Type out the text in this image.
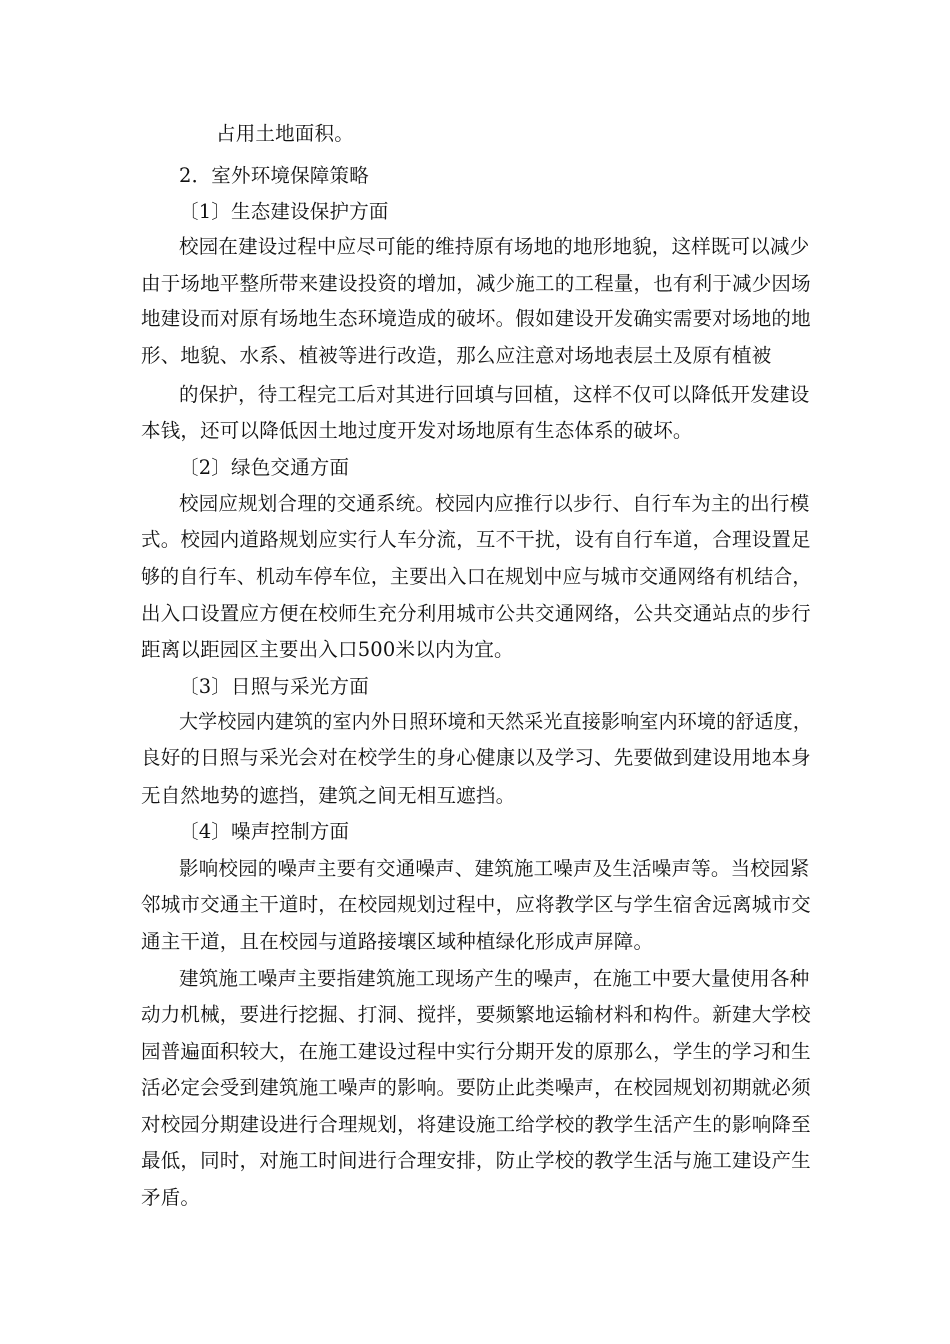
占用土地面积。
2．室外环境保障策略
〔1〕生态建设保护方面
校园在建设过程中应尽可能的维持原有场地的地形地貌，这样既可以减少
由于场地平整所带来建设投资的增加，减少施工的工程量，也有利于减少因场
地建设而对原有场地生态环境造成的破坏。假如建设开发确实需要对场地的地
形、地貌、水系、植被等进行改造，那么应注意对场地表层土及原有植被
的保护，待工程完工后对其进行回填与回植，这样不仅可以降低开发建设
本钱，还可以降低因土地过度开发对场地原有生态体系的破坏。
〔2〕绿色交通方面
校园应规划合理的交通系统。校园内应推行以步行、自行车为主的出行模
式。校园内道路规划应实行人车分流，互不干扰，设有自行车道，合理设置足
够的自行车、机动车停车位，主要出入口在规划中应与城市交通网络有机结合，
出入口设置应方便在校师生充分利用城市公共交通网络，公共交通站点的步行
距离以距园区主要出入口500米以内为宜。
〔3〕日照与采光方面
大学校园内建筑的室内外日照环境和天然采光直接影响室内环境的舒适度，
良好的日照与采光会对在校学生的身心健康以及学习、先要做到建设用地本身
无自然地势的遮挡，建筑之间无相互遮挡。
〔4〕噪声控制方面
影响校园的噪声主要有交通噪声、建筑施工噪声及生活噪声等。当校园紧
邻城市交通主干道时，在校园规划过程中，应将教学区与学生宿舍远离城市交
通主干道，且在校园与道路接壤区域种植绿化形成声屏障。
建筑施工噪声主要指建筑施工现场产生的噪声，在施工中要大量使用各种
动力机械，要进行挖掘、打洞、搅拌，要频繁地运输材料和构件。新建大学校
园普遍面积较大，在施工建设过程中实行分期开发的原那么，学生的学习和生
活必定会受到建筑施工噪声的影响。要防止此类噪声，在校园规划初期就必须
对校园分期建设进行合理规划，将建设施工给学校的教学生活产生的影响降至
最低，同时，对施工时间进行合理安排，防止学校的教学生活与施工建设产生
矛盾。
